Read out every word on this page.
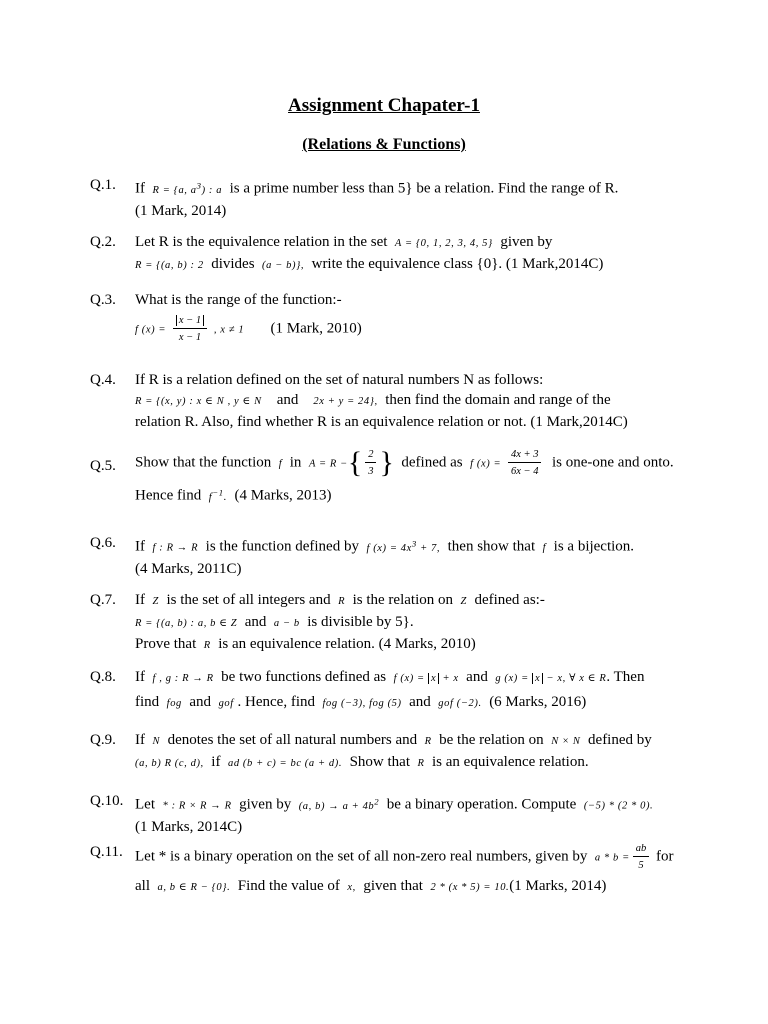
Assignment Chapater-1
(Relations & Functions)
Q.1.	If R = {a, $a^3$) : a is a prime number less than 5} be a relation. Find the range of R.
(1 Mark, 2014)
Q.2.	Let R is the equivalence relation in the set A = {0, 1, 2, 3, 4, 5} given by
R = {(a, b) : 2 divides (a − b)}, write the equivalence class {0}. (1 Mark,2014C)
Q.3.	What is the range of the function:-
f $(x) = \frac{x - 1}{x - 1}$ , x ≠ 1 (1 Mark, 2010)
Q.4.	If R is a relation defined on the set of natural numbers N as follows:
R = {(x, y) : x ∈ N , y ∈ N and 2x + y = 24}, then find the domain and range of the
relation R. Also, find whether R is an equivalence relation or not. (1 Mark,2014C)
Q.5.	Show that the function f in A = R −{ $\frac{2}{3}$ } defined as f $(x) = \frac{4x + 3}{6x - 4}$ is one-one and onto.
Hence find $f^{-1}$. (4 Marks, 2013)
Q.6.	If f : R → R is the function defined by f $(x) = 4x^3 + 7$, then show that f is a bijection.
(4 Marks, 2011C)
Q.7.	If Z is the set of all integers and R is the relation on Z defined as:-
R = {(a, b) : a, b ∈ Z and a − b is divisible by 5}.
Prove that R is an equivalence relation. (4 Marks, 2010)
Q.8.	If f , g : R → R be two functions defined as f (x) = x + x and g (x) = x − x, ∀ x ∈ R. Then
find fog and gof . Hence, find fog (−3), fog (5) and gof (−2). (6 Marks, 2016)
Q.9.	If N denotes the set of all natural numbers and R be the relation on N × N defined by
(a, b) R (c, d), if ad (b + c) = bc (a + d). Show that R is an equivalence relation.
Q.10. Let * : R × R → R given by (a, $b) \to a + 4b^2$ be a binary operation. Compute (−5) * (2 * 0).
(1 Marks, 2014C)
Q.11. Let * is a binary operation on the set of all non-zero real numbers, given by $a * b = \frac{ab}{5}$ for
all a, b ∈ R − {0}. Find the value of x, given that 2 * (x * 5) = 10.(1 Marks, 2014)
